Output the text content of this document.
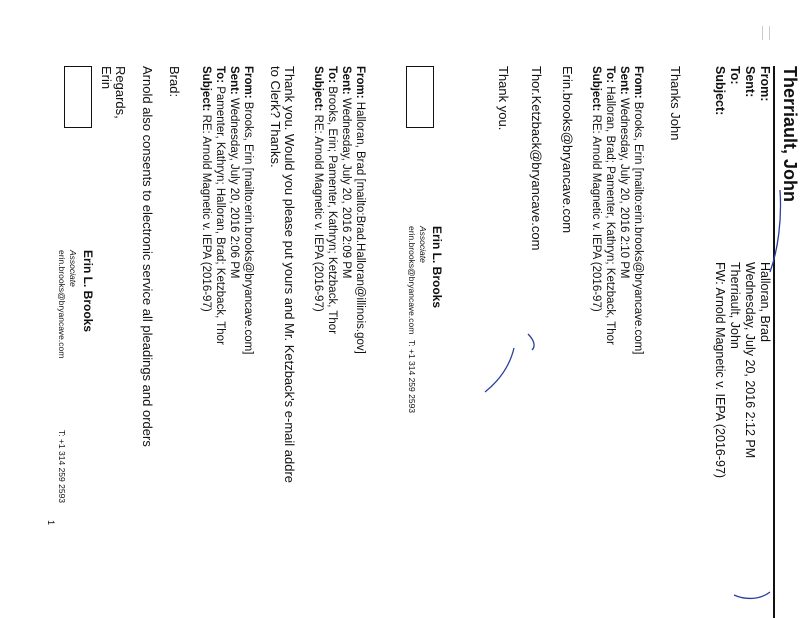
Therriault, John
From:
Sent:
To:
Subject:
Halloran, Brad
Wednesday, July 20, 2016 2:12 PM
Therriault, John
FW: Arnold Magnetic v. IEPA (2016-97)
Thanks John
From: Brooks, Erin [mailto:erin.brooks@bryancave.com]
Sent: Wednesday, July 20, 2016 2:10 PM
To: Halloran, Brad; Pamenter, Kathryn; Ketzback, Thor
Subject: RE: Arnold Magnetic v. IEPA (2016-97)
Erin.brooks@bryancave.com
Thor.Ketzback@bryancave.com
Thank you.
Erin L. Brooks
Associate
erin.brooks@bryancave.com
T: +1 314 259 2593
From: Halloran, Brad [mailto:Brad.Halloran@illinois.gov]
Sent: Wednesday, July 20, 2016 2:09 PM
To: Brooks, Erin; Pamenter, Kathryn; Ketzback, Thor
Subject: RE: Arnold Magnetic v. IEPA (2016-97)
Thank you. Would you please put yours and Mr. Ketzback's e-mail addre
to Clerk? Thanks.
From: Brooks, Erin [mailto:erin.brooks@bryancave.com]
Sent: Wednesday, July 20, 2016 2:06 PM
To: Pamenter, Kathryn; Halloran, Brad; Ketzback, Thor
Subject: RE: Arnold Magnetic v. IEPA (2016-97)
Brad:
Arnold also consents to electronic service all pleadings and orders
Regards,
Erin
Erin L. Brooks
Associate
erin.brooks@bryancave.com
T: +1 314 259 2593
1
